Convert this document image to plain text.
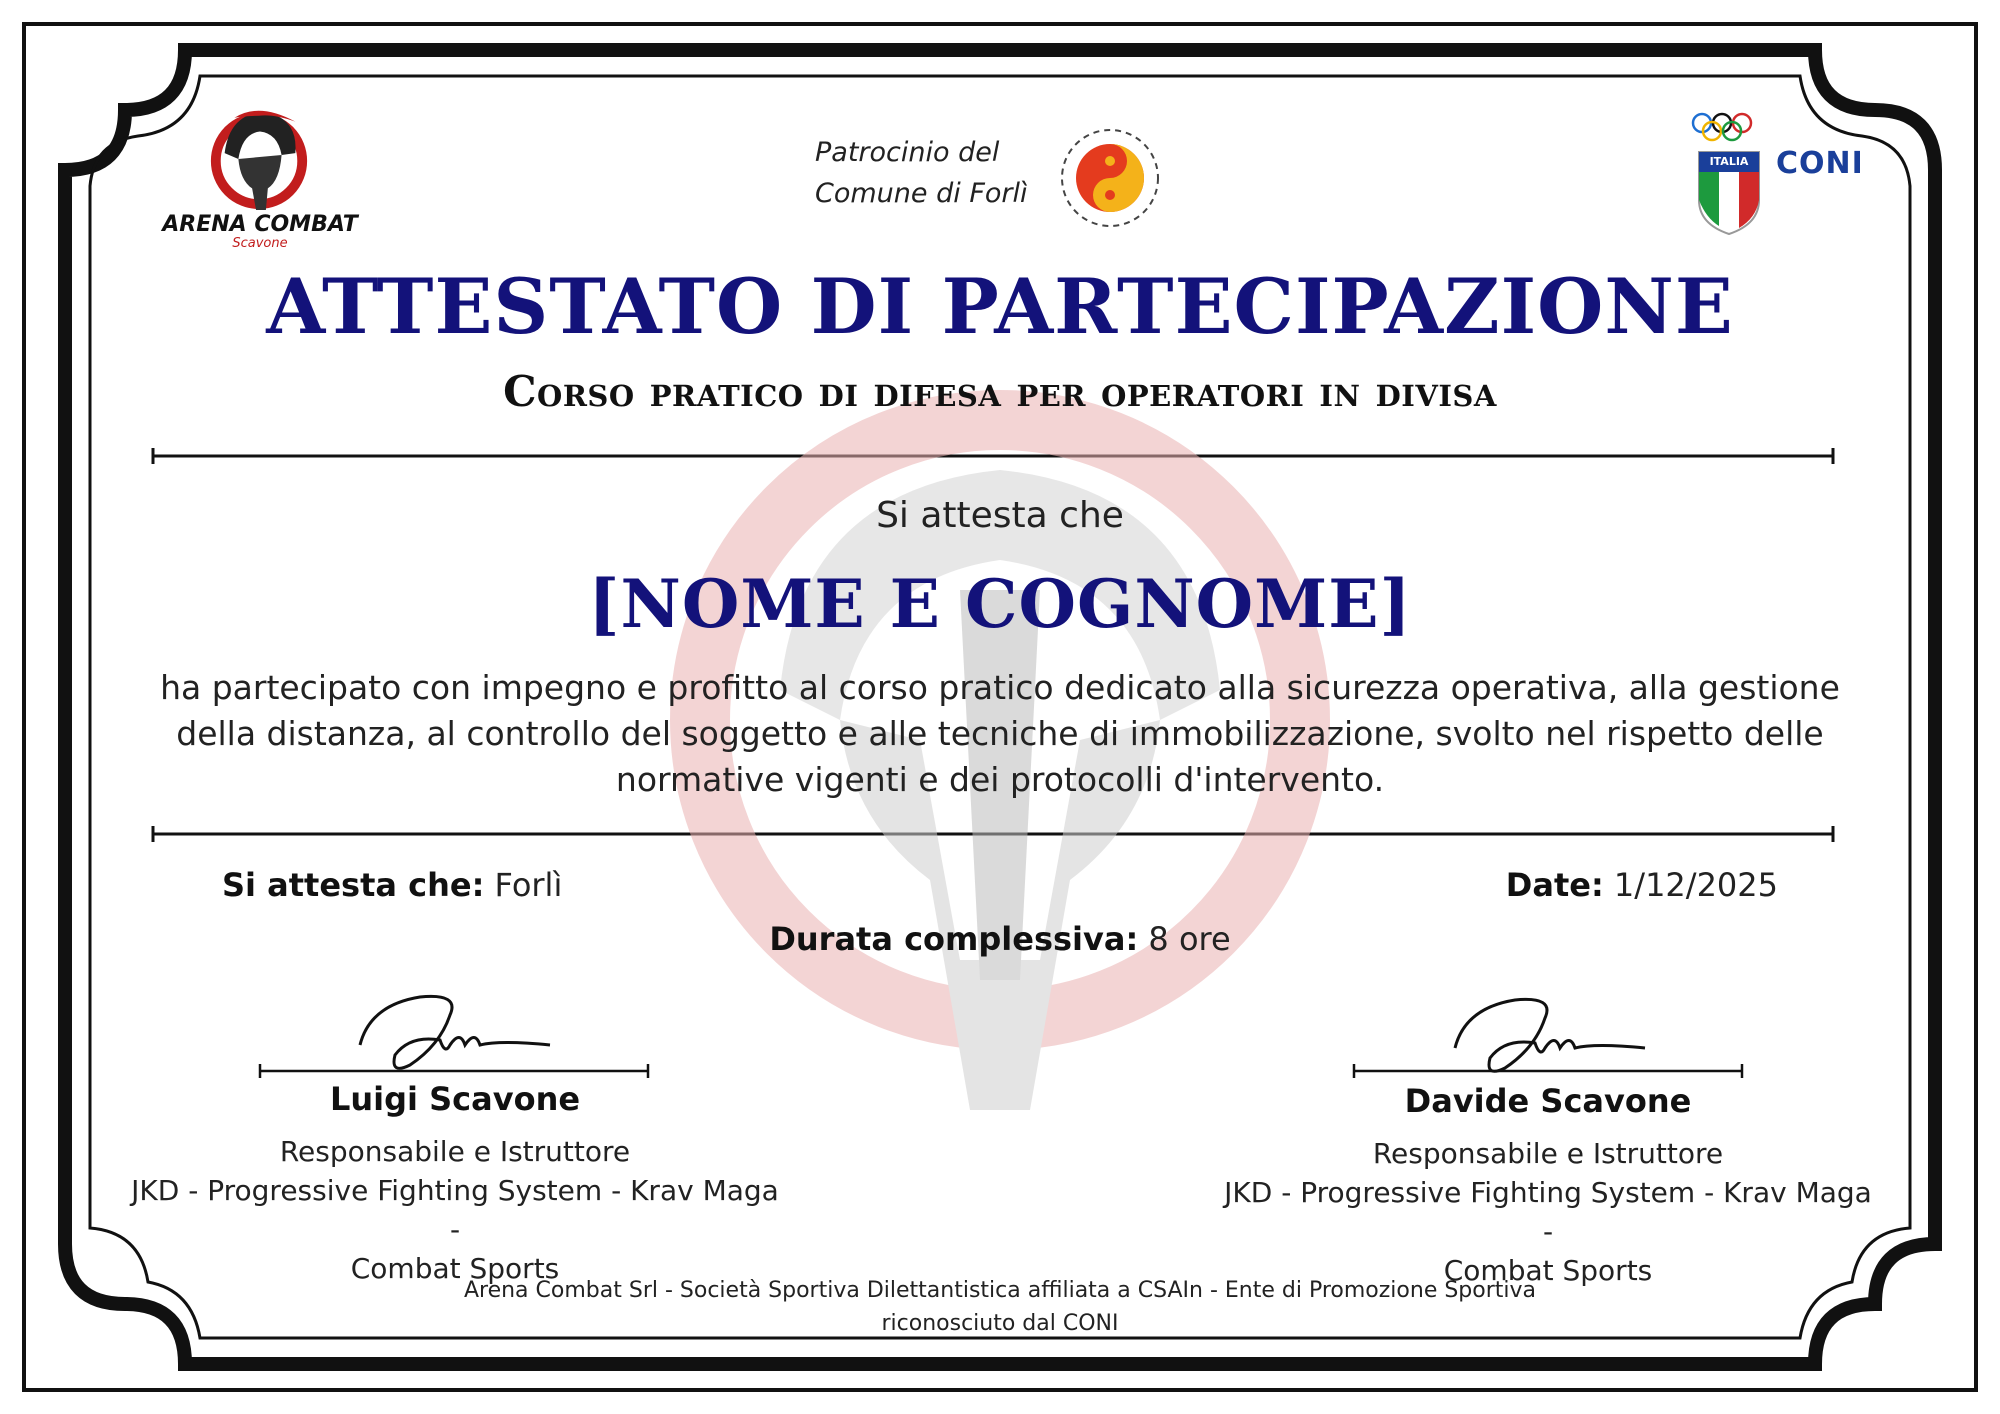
ARENA COMBAT
Scavone
Patrocinio del
Comune di Forlì
ITALIA CONI
ATTESTATO DI PARTECIPAZIONE
Corso pratico di difesa per operatori in divisa
Si attesta che
[NOME E COGNOME]
ha partecipato con impegno e profitto al corso pratico dedicato alla sicurezza operativa, alla gestione della distanza, al controllo del soggetto e alle tecniche di immobilizzazione, svolto nel rispetto delle normative vigenti e dei protocolli d'intervento.
Si attesta che: Forlì	Date: 1/12/2025
Durata complessiva: 8 ore
Luigi Scavone
Responsabile e Istruttore
JKD - Progressive Fighting System - Krav Maga -
Combat Sports
Davide Scavone
Responsabile e Istruttore
JKD - Progressive Fighting System - Krav Maga -
Combat Sports
Arena Combat Srl - Società Sportiva Dilettantistica affiliata a CSAIn - Ente di Promozione Sportiva
riconosciuto dal CONI
